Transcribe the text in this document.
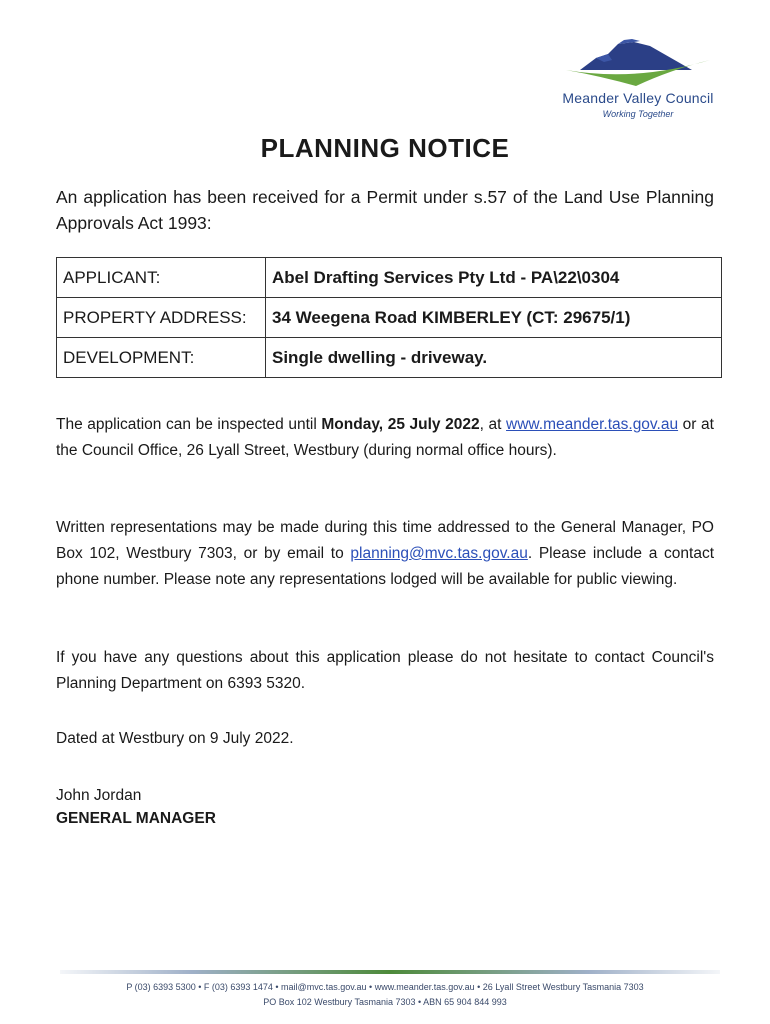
Meander Valley Council
Working Together
PLANNING NOTICE
An application has been received for a Permit under s.57 of the Land Use Planning Approvals Act 1993:
APPLICANT:	Abel Drafting Services Pty Ltd - PA\22\0304
PROPERTY ADDRESS:	34 Weegena Road KIMBERLEY (CT: 29675/1)
DEVELOPMENT:	Single dwelling - driveway.
The application can be inspected until Monday, 25 July 2022, at www.meander.tas.gov.au or at the Council Office, 26 Lyall Street, Westbury (during normal office hours).
Written representations may be made during this time addressed to the General Manager, PO Box 102, Westbury 7303, or by email to planning@mvc.tas.gov.au. Please include a contact phone number. Please note any representations lodged will be available for public viewing.
If you have any questions about this application please do not hesitate to contact Council's Planning Department on 6393 5320.
Dated at Westbury on 9 July 2022.
John Jordan
GENERAL MANAGER
P (03) 6393 5300 • F (03) 6393 1474 • mail@mvc.tas.gov.au • www.meander.tas.gov.au • 26 Lyall Street Westbury Tasmania 7303
PO Box 102 Westbury Tasmania 7303 • ABN 65 904 844 993
